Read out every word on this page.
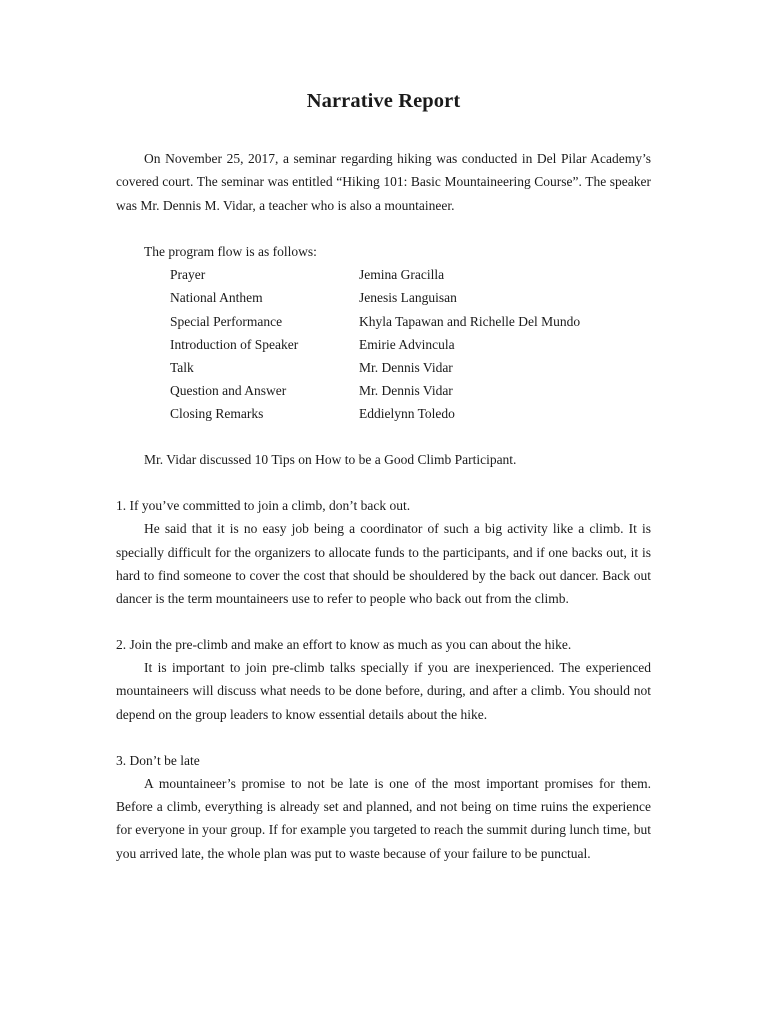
Narrative Report

On November 25, 2017, a seminar regarding hiking was conducted in Del Pilar Academy’s covered court. The seminar was entitled “Hiking 101: Basic Mountaineering Course”. The speaker was Mr. Dennis M. Vidar, a teacher who is also a mountaineer.

The program flow is as follows:

Prayer	Jemina Gracilla
National Anthem	Jenesis Languisan
Special Performance	Khyla Tapawan and Richelle Del Mundo
Introduction of Speaker	Emirie Advincula
Talk	Mr. Dennis Vidar
Question and Answer	Mr. Dennis Vidar
Closing Remarks	Eddielynn Toledo

Mr. Vidar discussed 10 Tips on How to be a Good Climb Participant.

1. If you’ve committed to join a climb, don’t back out.

He said that it is no easy job being a coordinator of such a big activity like a climb. It is specially difficult for the organizers to allocate funds to the participants, and if one backs out, it is hard to find someone to cover the cost that should be shouldered by the back out dancer. Back out dancer is the term mountaineers use to refer to people who back out from the climb.

2. Join the pre-climb and make an effort to know as much as you can about the hike.

It is important to join pre-climb talks specially if you are inexperienced. The experienced mountaineers will discuss what needs to be done before, during, and after a climb. You should not depend on the group leaders to know essential details about the hike.

3. Don’t be late

A mountaineer’s promise to not be late is one of the most important promises for them. Before a climb, everything is already set and planned, and not being on time ruins the experience for everyone in your group. If for example you targeted to reach the summit during lunch time, but you arrived late, the whole plan was put to waste because of your failure to be punctual.
